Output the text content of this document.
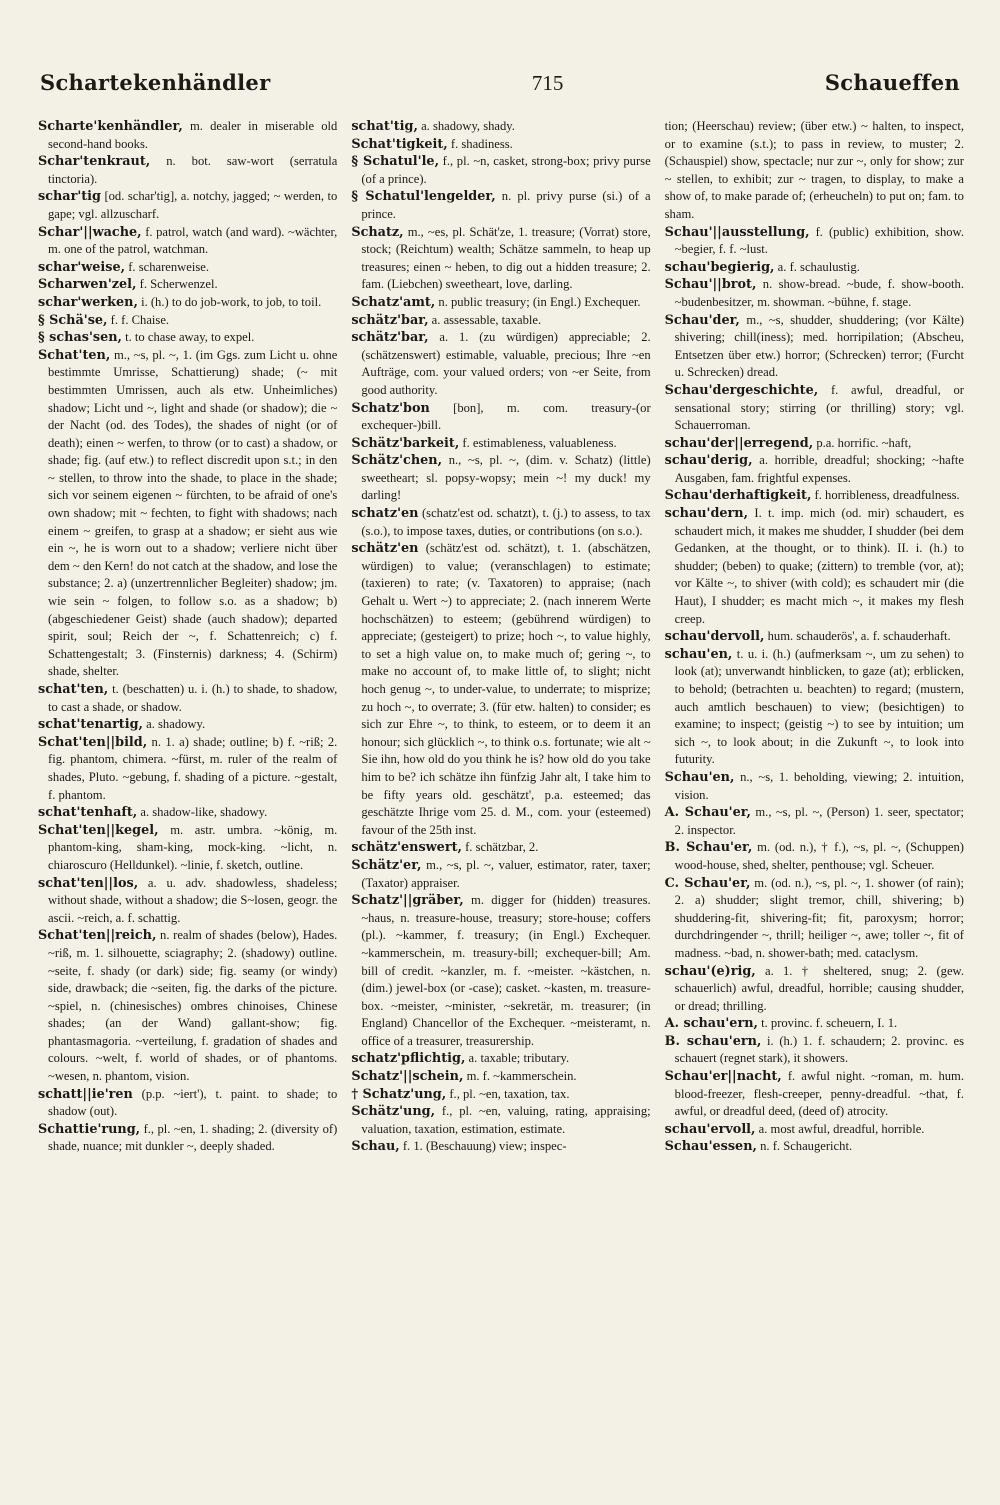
Schartekenhändler	715	Schaueffen

Scharte'kenhändler, m. dealer in miserable old second-hand books.

Schar'tenkraut, n. bot. saw-wort (serratula tinctoria).

schar'tig [od. schar'tig], a. notchy, jagged; ~ werden, to gape; vgl. allzuscharf.

Schar'||wache, f. patrol, watch (and ward). ~wächter, m. one of the patrol, watchman.

schar'weise, f. scharenweise.

Scharwen'zel, f. Scherwenzel.

schar'werken, i. (h.) to do job-work, to job, to toil.

§ Schä'se, f. f. Chaise.

§ schas'sen, t. to chase away, to expel.

Schat'ten, m., ~s, pl. ~, 1. (im Ggs. zum Licht u. ohne bestimmte Umrisse, Schattierung) shade; (~ mit bestimmten Umrissen, auch als etw. Unheimliches) shadow; Licht und ~, light and shade (or shadow); die ~ der Nacht (od. des Todes), the shades of night (or of death); einen ~ werfen, to throw (or to cast) a shadow, or shade; fig. (auf etw.) to reflect discredit upon s.t.; in den ~ stellen, to throw into the shade, to place in the shade; sich vor seinem eigenen ~ fürchten, to be afraid of one's own shadow; mit ~ fechten, to fight with shadows; nach einem ~ greifen, to grasp at a shadow; er sieht aus wie ein ~, he is worn out to a shadow; verliere nicht über dem ~ den Kern! do not catch at the shadow, and lose the substance; 2. a) (unzertrennlicher Begleiter) shadow; jm. wie sein ~ folgen, to follow s.o. as a shadow; b) (abgeschiedener Geist) shade (auch shadow); departed spirit, soul; Reich der ~, f. Schattenreich; c) f. Schattengestalt; 3. (Finsternis) darkness; 4. (Schirm) shade, shelter.

schat'ten, t. (beschatten) u. i. (h.) to shade, to shadow, to cast a shade, or shadow.

schat'tenartig, a. shadowy.

Schat'ten||bild, n. 1. a) shade; outline; b) f. ~riß; 2. fig. phantom, chimera. ~fürst, m. ruler of the realm of shades, Pluto. ~gebung, f. shading of a picture. ~gestalt, f. phantom.

schat'tenhaft, a. shadow-like, shadowy.

Schat'ten||kegel, m. astr. umbra. ~könig, m. phantom-king, sham-king, mock-king. ~licht, n. chiaroscuro (Helldunkel). ~linie, f. sketch, outline.

schat'ten||los, a. u. adv. shadowless, shadeless; without shade, without a shadow; die S~losen, geogr. the ascii. ~reich, a. f. schattig.

Schat'ten||reich, n. realm of shades (below), Hades. ~riß, m. 1. silhouette, sciagraphy; 2. (shadowy) outline. ~seite, f. shady (or dark) side; fig. seamy (or windy) side, drawback; die ~seiten, fig. the darks of the picture. ~spiel, n. (chinesisches) ombres chinoises, Chinese shades; (an der Wand) gallant-show; fig. phantasmagoria. ~verteilung, f. gradation of shades and colours. ~welt, f. world of shades, or of phantoms. ~wesen, n. phantom, vision.

schatt||ie'ren (p.p. ~iert'), t. paint. to shade; to shadow (out).

Schattie'rung, f., pl. ~en, 1. shading; 2. (diversity of) shade, nuance; mit dunkler ~, deeply shaded.

schat'tig, a. shadowy, shady.

Schat'tigkeit, f. shadiness.

§ Schatul'le, f., pl. ~n, casket, strong-box; privy purse (of a prince).

§ Schatul'lengelder, n. pl. privy purse (si.) of a prince.

Schatz, m., ~es, pl. Schät'ze, 1. treasure; (Vorrat) store, stock; (Reichtum) wealth; Schätze sammeln, to heap up treasures; einen ~ heben, to dig out a hidden treasure; 2. fam. (Liebchen) sweetheart, love, darling.

Schatz'amt, n. public treasury; (in Engl.) Exchequer.

schätz'bar, a. assessable, taxable.

schätz'bar, a. 1. (zu würdigen) appreciable; 2. (schätzenswert) estimable, valuable, precious; Ihre ~en Aufträge, com. your valued orders; von ~er Seite, from good authority.

Schatz'bon [bon], m. com. treasury-(or exchequer-)bill.

Schätz'barkeit, f. estimableness, valuableness.

Schätz'chen, n., ~s, pl. ~, (dim. v. Schatz) (little) sweetheart; sl. popsy-wopsy; mein ~! my duck! my darling!

schatz'en (schatz'est od. schatzt), t. (j.) to assess, to tax (s.o.), to impose taxes, duties, or contributions (on s.o.).

schätz'en (schätz'est od. schätzt), t. 1. (abschätzen, würdigen) to value; (veranschlagen) to estimate; (taxieren) to rate; (v. Taxatoren) to appraise; (nach Gehalt u. Wert ~) to appreciate; 2. (nach innerem Werte hochschätzen) to esteem; (gebührend würdigen) to appreciate; (gesteigert) to prize; hoch ~, to value highly, to set a high value on, to make much of; gering ~, to make no account of, to make little of, to slight; nicht hoch genug ~, to under-value, to underrate; to misprize; zu hoch ~, to overrate; 3. (für etw. halten) to consider; es sich zur Ehre ~, to think, to esteem, or to deem it an honour; sich glücklich ~, to think o.s. fortunate; wie alt ~ Sie ihn, how old do you think he is? how old do you take him to be? ich schätze ihn fünfzig Jahr alt, I take him to be fifty years old. geschätzt', p.a. esteemed; das geschätzte Ihrige vom 25. d. M., com. your (esteemed) favour of the 25th inst.

schätz'enswert, f. schätzbar, 2.

Schätz'er, m., ~s, pl. ~, valuer, estimator, rater, taxer; (Taxator) appraiser.

Schatz'||gräber, m. digger for (hidden) treasures. ~haus, n. treasure-house, treasury; store-house; coffers (pl.). ~kammer, f. treasury; (in Engl.) Exchequer. ~kammerschein, m. treasury-bill; exchequer-bill; Am. bill of credit. ~kanzler, m. f. ~meister. ~kästchen, n. (dim.) jewel-box (or -case); casket. ~kasten, m. treasure-box. ~meister, ~minister, ~sekretär, m. treasurer; (in England) Chancellor of the Exchequer. ~meisteramt, n. office of a treasurer, treasurership.

schatz'pflichtig, a. taxable; tributary.

Schatz'||schein, m. f. ~kammerschein.

† Schatz'ung, f., pl. ~en, taxation, tax.

Schätz'ung, f., pl. ~en, valuing, rating, appraising; valuation, taxation, estimation, estimate.

Schau, f. 1. (Beschauung) view; inspec-

tion; (Heerschau) review; (über etw.) ~ halten, to inspect, or to examine (s.t.); to pass in review, to muster; 2. (Schauspiel) show, spectacle; nur zur ~, only for show; zur ~ stellen, to exhibit; zur ~ tragen, to display, to make a show of, to make parade of; (erheucheln) to put on; fam. to sham.

Schau'||ausstellung, f. (public) exhibition, show. ~begier, f. f. ~lust.

schau'begierig, a. f. schaulustig.

Schau'||brot, n. show-bread. ~bude, f. show-booth. ~budenbesitzer, m. showman. ~bühne, f. stage.

Schau'der, m., ~s, shudder, shuddering; (vor Kälte) shivering; chill(iness); med. horripilation; (Abscheu, Entsetzen über etw.) horror; (Schrecken) terror; (Furcht u. Schrecken) dread.

Schau'dergeschichte, f. awful, dreadful, or sensational story; stirring (or thrilling) story; vgl. Schauerroman.

schau'der||erregend, p.a. horrific. ~haft,

schau'derig, a. horrible, dreadful; shocking; ~hafte Ausgaben, fam. frightful expenses.

Schau'derhaftigkeit, f. horribleness, dreadfulness.

schau'dern, I. t. imp. mich (od. mir) schaudert, es schaudert mich, it makes me shudder, I shudder (bei dem Gedanken, at the thought, or to think). II. i. (h.) to shudder; (beben) to quake; (zittern) to tremble (vor, at); vor Kälte ~, to shiver (with cold); es schaudert mir (die Haut), I shudder; es macht mich ~, it makes my flesh creep.

schau'dervoll, hum. schauderös', a. f. schauderhaft.

schau'en, t. u. i. (h.) (aufmerksam ~, um zu sehen) to look (at); unverwandt hinblicken, to gaze (at); erblicken, to behold; (betrachten u. beachten) to regard; (mustern, auch amtlich beschauen) to view; (besichtigen) to examine; to inspect; (geistig ~) to see by intuition; um sich ~, to look about; in die Zukunft ~, to look into futurity.

Schau'en, n., ~s, 1. beholding, viewing; 2. intuition, vision.

A. Schau'er, m., ~s, pl. ~, (Person) 1. seer, spectator; 2. inspector.

B. Schau'er, m. (od. n.), † f.), ~s, pl. ~, (Schuppen) wood-house, shed, shelter, penthouse; vgl. Scheuer.

C. Schau'er, m. (od. n.), ~s, pl. ~, 1. shower (of rain); 2. a) shudder; slight tremor, chill, shivering; b) shuddering-fit, shivering-fit; fit, paroxysm; horror; durchdringender ~, thrill; heiliger ~, awe; toller ~, fit of madness. ~bad, n. shower-bath; med. cataclysm.

schau'(e)rig, a. 1. † sheltered, snug; 2. (gew. schauerlich) awful, dreadful, horrible; causing shudder, or dread; thrilling.

A. schau'ern, t. provinc. f. scheuern, I. 1.

B. schau'ern, i. (h.) 1. f. schaudern; 2. provinc. es schauert (regnet stark), it showers.

Schau'er||nacht, f. awful night. ~roman, m. hum. blood-freezer, flesh-creeper, penny-dreadful. ~that, f. awful, or dreadful deed, (deed of) atrocity.

schau'ervoll, a. most awful, dreadful, horrible.

Schau'essen, n. f. Schaugericht.
